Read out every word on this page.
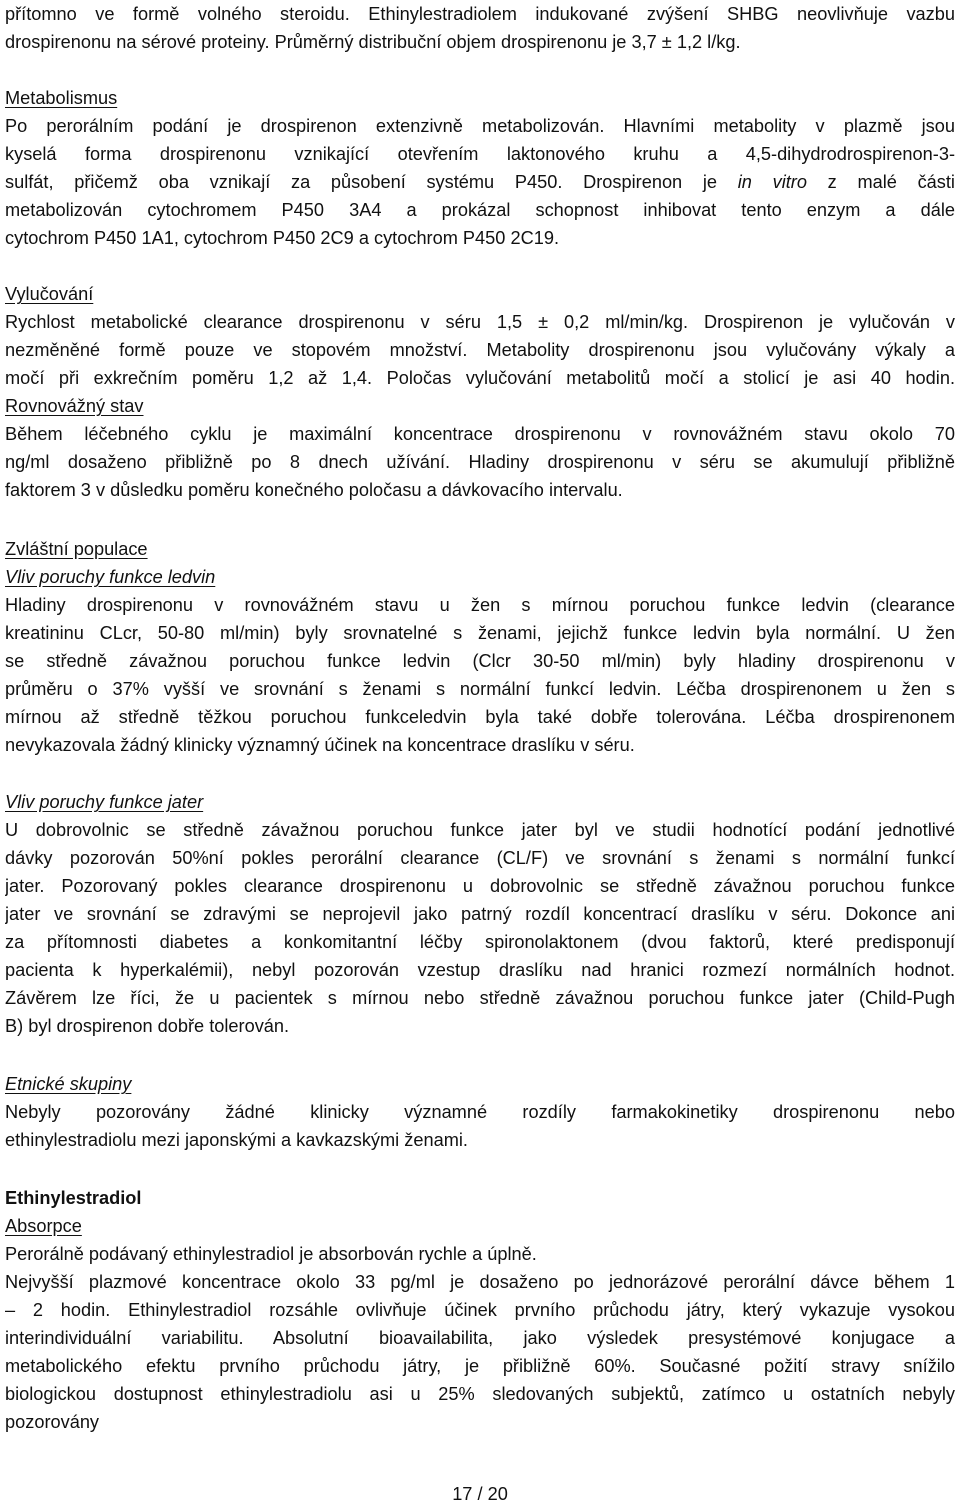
přítomno ve formě volného steroidu. Ethinylestradiolem indukované zvýšení SHBG neovlivňuje vazbu
drospirenonu na sérové proteiny. Průměrný distribuční objem drospirenonu je 3,7 ± 1,2 l/kg.
Metabolismus
Po perorálním podání je drospirenon extenzivně metabolizován. Hlavními metabolity v plazmě jsou
kyselá forma drospirenonu vznikající otevřením laktonového kruhu a 4,5-dihydrodrospirenon-3-
sulfát, přičemž oba vznikají za působení systému P450. Drospirenon je in vitro z malé části
metabolizován cytochromem P450 3A4 a prokázal schopnost inhibovat tento enzym a dále
cytochrom P450 1A1, cytochrom P450 2C9 a cytochrom P450 2C19.
Vylučování
Rychlost metabolické clearance drospirenonu v séru 1,5 ± 0,2 ml/min/kg. Drospirenon je vylučován v
nezměněné formě pouze ve stopovém množství. Metabolity drospirenonu jsou vylučovány výkaly a
močí při exkrečním poměru 1,2 až 1,4. Poločas vylučování metabolitů močí a stolicí je asi 40 hodin.
Rovnovážný stav
Během léčebného cyklu je maximální koncentrace drospirenonu v rovnovážném stavu okolo 70
ng/ml dosaženo přibližně po 8 dnech užívání. Hladiny drospirenonu v séru se akumulují přibližně
faktorem 3 v důsledku poměru konečného poločasu a dávkovacího intervalu.
Zvláštní populace
Vliv poruchy funkce ledvin
Hladiny drospirenonu v rovnovážném stavu u žen s mírnou poruchou funkce ledvin (clearance
kreatininu CLcr, 50-80 ml/min) byly srovnatelné s ženami, jejichž funkce ledvin byla normální. U žen
se středně závažnou poruchou funkce ledvin (Clcr 30-50 ml/min) byly hladiny drospirenonu v
průměru o 37% vyšší ve srovnání s ženami s normální funkcí ledvin. Léčba drospirenonem u žen s
mírnou až středně těžkou poruchou funkceledvin byla také dobře tolerována. Léčba drospirenonem
nevykazovala žádný klinicky významný účinek na koncentrace draslíku v séru.
Vliv poruchy funkce jater
U dobrovolnic se středně závažnou poruchou funkce jater byl ve studii hodnotící podání jednotlivé
dávky pozorován 50%ní pokles perorální clearance (CL/F) ve srovnání s ženami s normální funkcí
jater. Pozorovaný pokles clearance drospirenonu u dobrovolnic se středně závažnou poruchou funkce
jater ve srovnání se zdravými se neprojevil jako patrný rozdíl koncentrací draslíku v séru. Dokonce ani
za přítomnosti diabetes a konkomitantní léčby spironolaktonem (dvou faktorů, které predisponují
pacienta k hyperkalémii), nebyl pozorován vzestup draslíku nad hranici rozmezí normálních hodnot.
Závěrem lze říci, že u pacientek s mírnou nebo středně závažnou poruchou funkce jater (Child-Pugh
B) byl drospirenon dobře tolerován.
Etnické skupiny
Nebyly pozorovány žádné klinicky významné rozdíly farmakokinetiky drospirenonu nebo
ethinylestradiolu mezi japonskými a kavkazskými ženami.
Ethinylestradiol
Absorpce
Perorálně podávaný ethinylestradiol je absorbován rychle a úplně.
Nejvyšší plazmové koncentrace okolo 33 pg/ml je dosaženo po jednorázové perorální dávce během 1
– 2 hodin. Ethinylestradiol rozsáhle ovlivňuje účinek prvního průchodu játry, který vykazuje vysokou
interindividuální variabilitu. Absolutní bioavailabilita, jako výsledek presystémové konjugace a
metabolického efektu prvního průchodu játry, je přibližně 60%. Současné požití stravy snížilo
biologickou dostupnost ethinylestradiolu asi u 25% sledovaných subjektů, zatímco u ostatních nebyly
pozorovány
17 / 20
